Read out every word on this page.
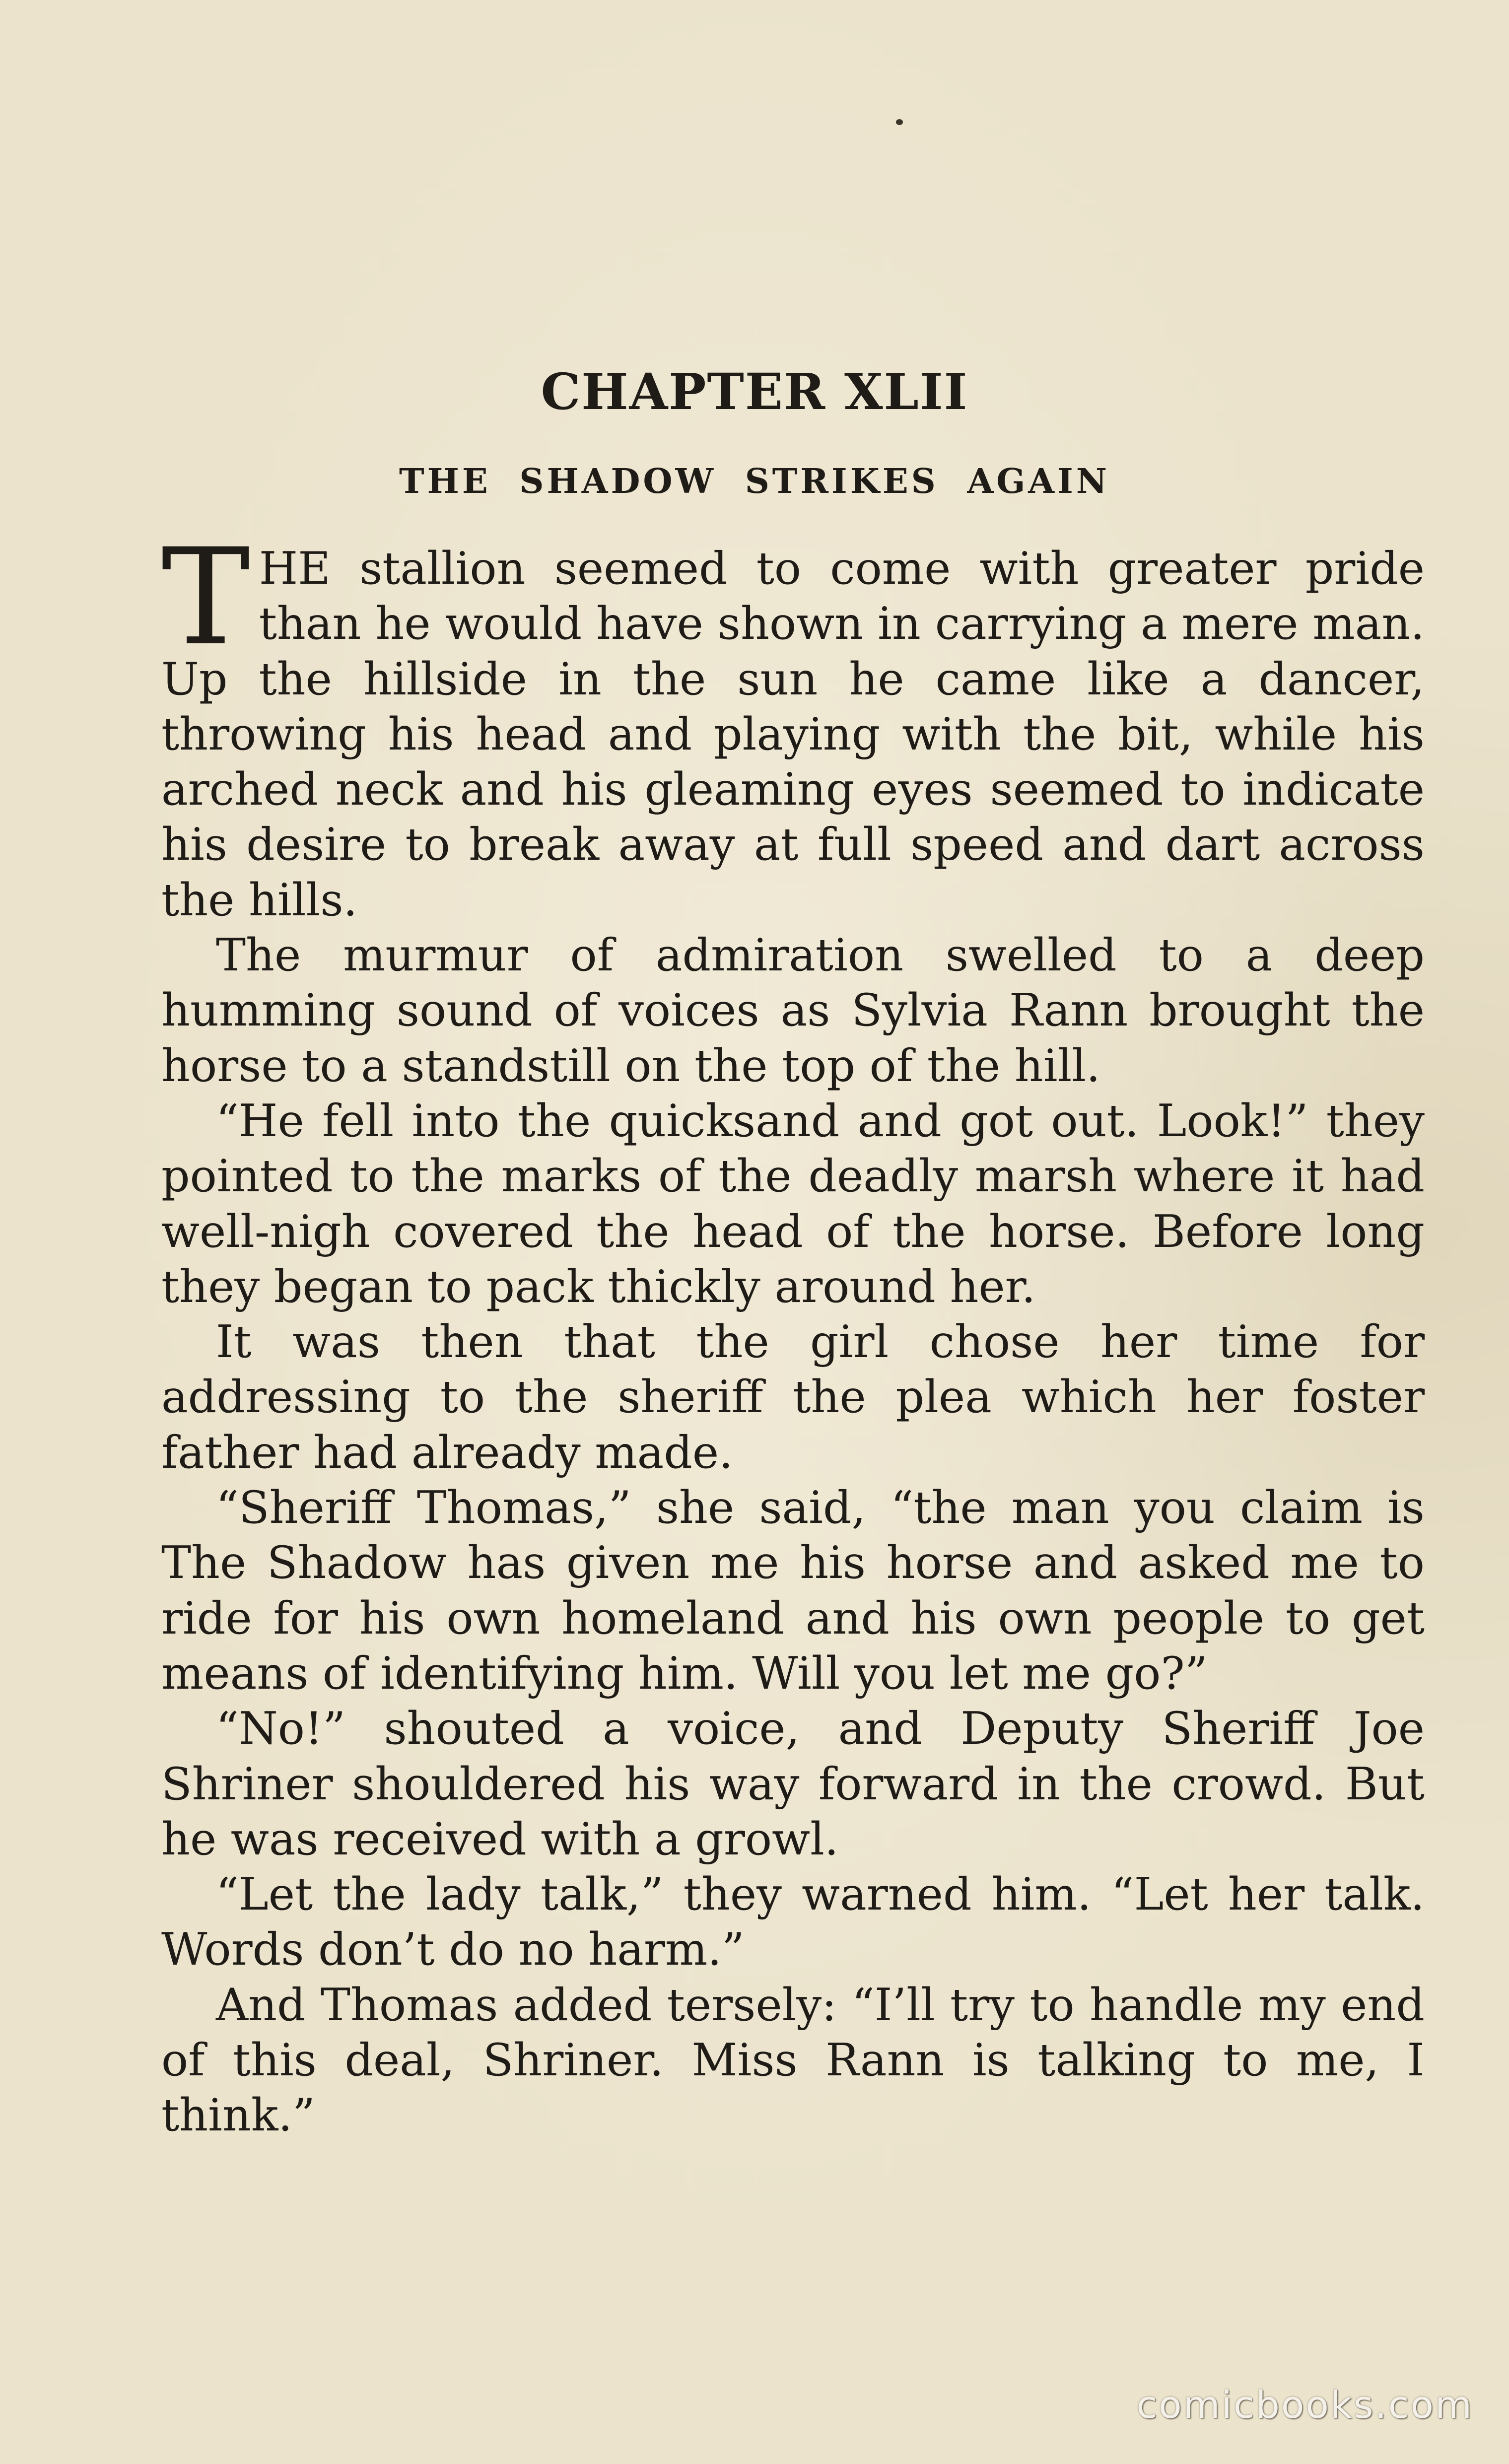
CHAPTER XLII
THE SHADOW STRIKES AGAIN

THE stallion seemed to come with greater pride than he would have shown in carrying a mere man. Up the hillside in the sun he came like a dancer, throwing his head and playing with the bit, while his arched neck and his gleaming eyes seemed to indicate his desire to break away at full speed and dart across the hills.

The murmur of admiration swelled to a deep humming sound of voices as Sylvia Rann brought the horse to a standstill on the top of the hill.

“He fell into the quicksand and got out. Look!” they pointed to the marks of the deadly marsh where it had well-nigh covered the head of the horse. Before long they began to pack thickly around her.

It was then that the girl chose her time for addressing to the sheriff the plea which her foster father had already made.

“Sheriff Thomas,” she said, “the man you claim is The Shadow has given me his horse and asked me to ride for his own homeland and his own people to get means of identifying him. Will you let me go?”

“No!” shouted a voice, and Deputy Sheriff Joe Shriner shouldered his way forward in the crowd. But he was received with a growl.

“Let the lady talk,” they warned him. “Let her talk. Words don’t do no harm.”

And Thomas added tersely: “I’ll try to handle my end of this deal, Shriner. Miss Rann is talking to me, I think.”

comicbooks.com
